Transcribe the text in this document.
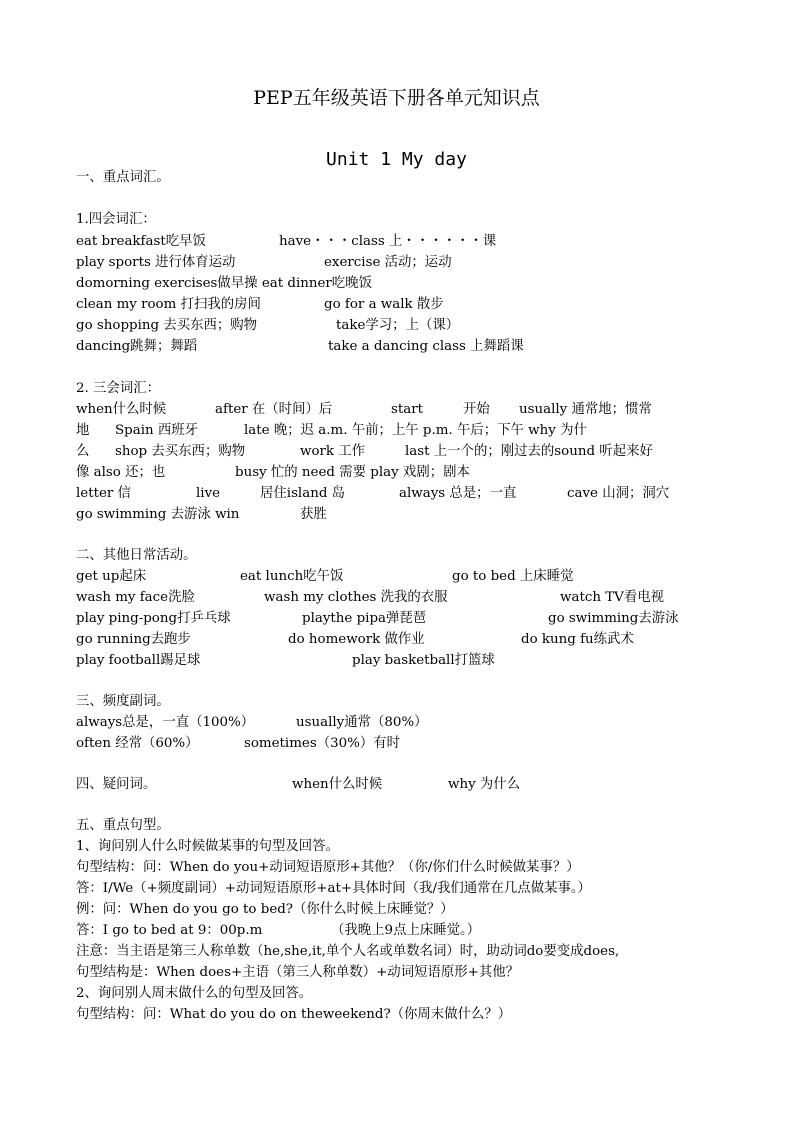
PEP五年级英语下册各单元知识点
Unit 1 My day
一、重点词汇。
1.四会词汇：
eat breakfast吃早饭	have・・・class 上・・・・・・课
play sports 进行体育运动	exercise 活动；运动
domorning exercises做早操 eat dinner吃晚饭
clean my room 打扫我的房间	go for a walk 散步
go shopping 去买东西；购物	take学习；上（课）
dancing跳舞；舞蹈	take a dancing class 上舞蹈课
2. 三会词汇：
when什么时候	after 在（时间）后	start	开始 usually 通常地；惯常
地 Spain 西班牙	late 晚；迟 a.m. 午前；上午 p.m. 午后；下午 why 为什
么 shop 去买东西；购物	work 工作	last 上一个的；刚过去的sound 听起来好
像 also 还；也	busy 忙的 need 需要 play 戏剧；剧本
letter 信	live	居住island 岛	always 总是；一直	cave 山洞；洞穴
go swimming 去游泳 win	获胜
二、其他日常活动。
get up起床	eat lunch吃午饭	go to bed 上床睡觉
wash my face洗脸	wash my clothes 洗我的衣服	watch TV看电视
play ping-pong打乒乓球	playthe pipa弹琵琶	go swimming去游泳
go running去跑步	do homework 做作业	do kung fu练武术
play football踢足球	play basketball打篮球
三、频度副词。
always总是，一直（100%）	usually通常（80%）
often 经常（60%）	sometimes（30%）有时
四、疑问词。	when什么时候	why 为什么
五、重点句型。
1、询问别人什么时候做某事的句型及回答。
句型结构：问：When do you+动词短语原形+其他？（你/你们什么时候做某事？）
答：I/We（+频度副词）+动词短语原形+at+具体时间（我/我们通常在几点做某事。）
例：问：When do you go to bed?（你什么时候上床睡觉？）
答：I go to bed at 9：00p.m	（我晚上9点上床睡觉。）
注意：当主语是第三人称单数（he,she,it,单个人名或单数名词）时，助动词do要变成does,
句型结构是：When does+主语（第三人称单数）+动词短语原形+其他？
2、询问别人周末做什么的句型及回答。
句型结构：问：What do you do on theweekend?（你周末做什么？）
